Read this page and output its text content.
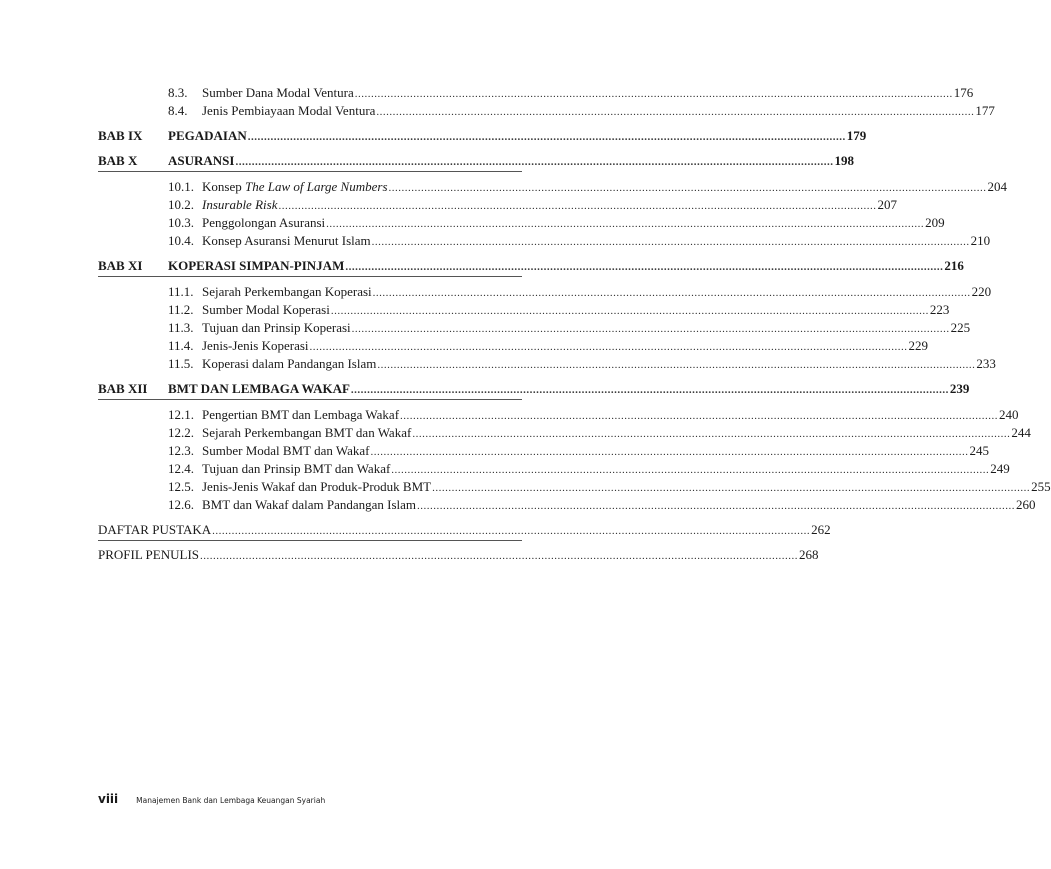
8.3.	Sumber Dana Modal Ventura .....	176
8.4.	Jenis Pembiayaan Modal Ventura .....	177
BAB IX	PEGADAIAN .....	179
BAB X	ASURANSI .....	198
10.1. Konsep The Law of Large Numbers .....	204
10.2. Insurable Risk .....	207
10.3. Penggolongan Asuransi .....	209
10.4. Konsep Asuransi Menurut Islam .....	210
BAB XI	KOPERASI SIMPAN-PINJAM .....	216
11.1. Sejarah Perkembangan Koperasi .....	220
11.2. Sumber Modal Koperasi .....	223
11.3. Tujuan dan Prinsip Koperasi .....	225
11.4. Jenis-Jenis Koperasi .....	229
11.5. Koperasi dalam Pandangan Islam .....	233
BAB XII	BMT DAN LEMBAGA WAKAF .....	239
12.1. Pengertian BMT dan Lembaga Wakaf .....	240
12.2. Sejarah Perkembangan BMT dan Wakaf .....	244
12.3. Sumber Modal BMT dan Wakaf .....	245
12.4. Tujuan dan Prinsip BMT dan Wakaf .....	249
12.5. Jenis-Jenis Wakaf dan Produk-Produk BMT .....	255
12.6. BMT dan Wakaf dalam Pandangan Islam .....	260
DAFTAR PUSTAKA .....	262
PROFIL PENULIS .....	268
viii Manajemen Bank dan Lembaga Keuangan Syariah
